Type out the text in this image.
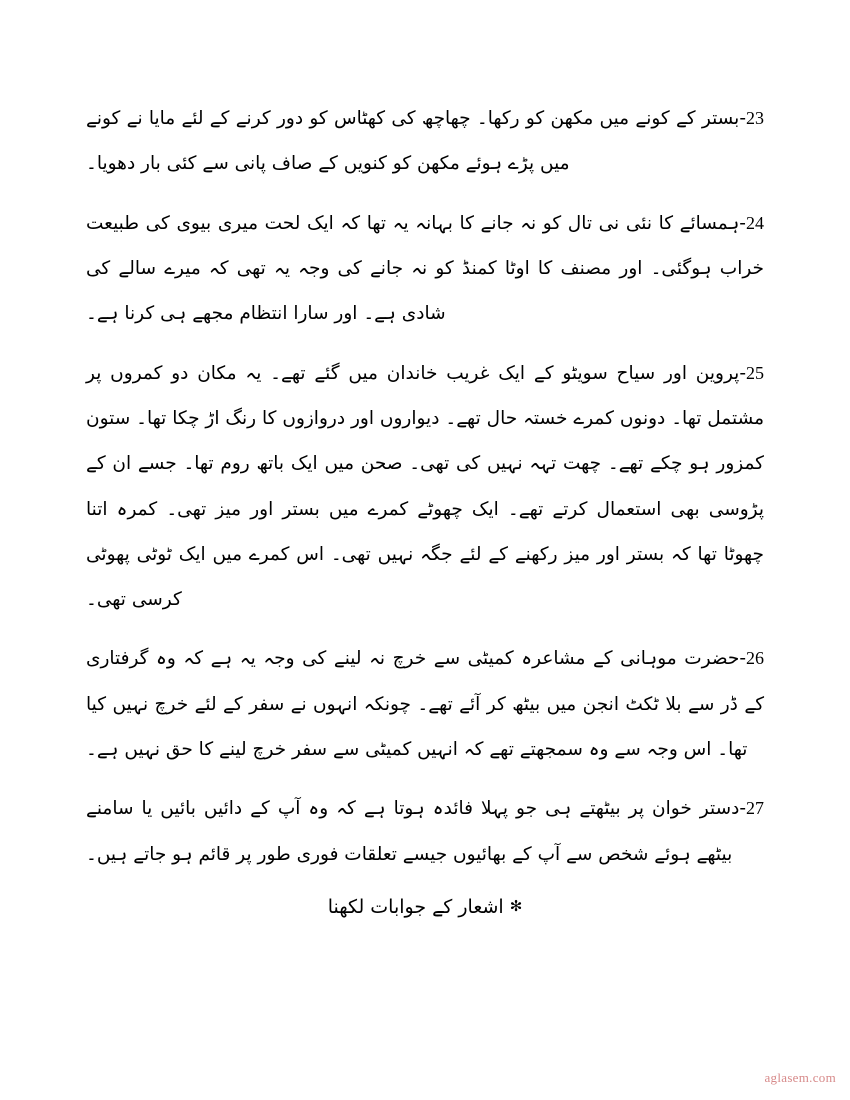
23-بستر کے کونے میں مکھن کو رکھا۔ چھاچھ کی کھٹاس کو دور کرنے کے لئے مایا نے کونے میں پڑے ہوئے مکھن کو کنویں کے صاف پانی سے کئی بار دھویا۔

24-ہمسائے کا نئی نی تال کو نہ جانے کا بہانہ یہ تھا کہ ایک لحت میری بیوی کی طبیعت خراب ہوگئی۔ اور مصنف کا اوٹا کمنڈ کو نہ جانے کی وجہ یہ تھی کہ میرے سالے کی شادی ہے۔ اور سارا انتظام مجھے ہی کرنا ہے۔

25-پروین اور سیاح سویٹو کے ایک غریب خاندان میں گئے تھے۔ یہ مکان دو کمروں پر مشتمل تھا۔ دونوں کمرے خستہ حال تھے۔ دیواروں اور دروازوں کا رنگ اڑ چکا تھا۔ ستون کمزور ہو چکے تھے۔ چھت تہہ نہیں کی تھی۔ صحن میں ایک باتھ روم تھا۔ جسے ان کے پڑوسی بھی استعمال کرتے تھے۔ ایک چھوٹے کمرے میں بستر اور میز تھی۔ کمرہ اتنا چھوٹا تھا کہ بستر اور میز رکھنے کے لئے جگہ نہیں تھی۔ اس کمرے میں ایک ٹوٹی پھوٹی کرسی تھی۔

26-حضرت موہانی کے مشاعرہ کمیٹی سے خرچ نہ لینے کی وجہ یہ ہے کہ وہ گرفتاری کے ڈر سے بلا ٹکٹ انجن میں بیٹھ کر آئے تھے۔ چونکہ انہوں نے سفر کے لئے خرچ نہیں کیا تھا۔ اس وجہ سے وہ سمجھتے تھے کہ انہیں کمیٹی سے سفر خرچ لینے کا حق نہیں ہے۔

27-دستر خوان پر بیٹھتے ہی جو پہلا فائدہ ہوتا ہے کہ وہ آپ کے دائیں بائیں یا سامنے بیٹھے ہوئے شخص سے آپ کے بھائیوں جیسے تعلقات فوری طور پر قائم ہو جاتے ہیں۔

✻ اشعار کے جوابات لکھنا

aglasem.com
